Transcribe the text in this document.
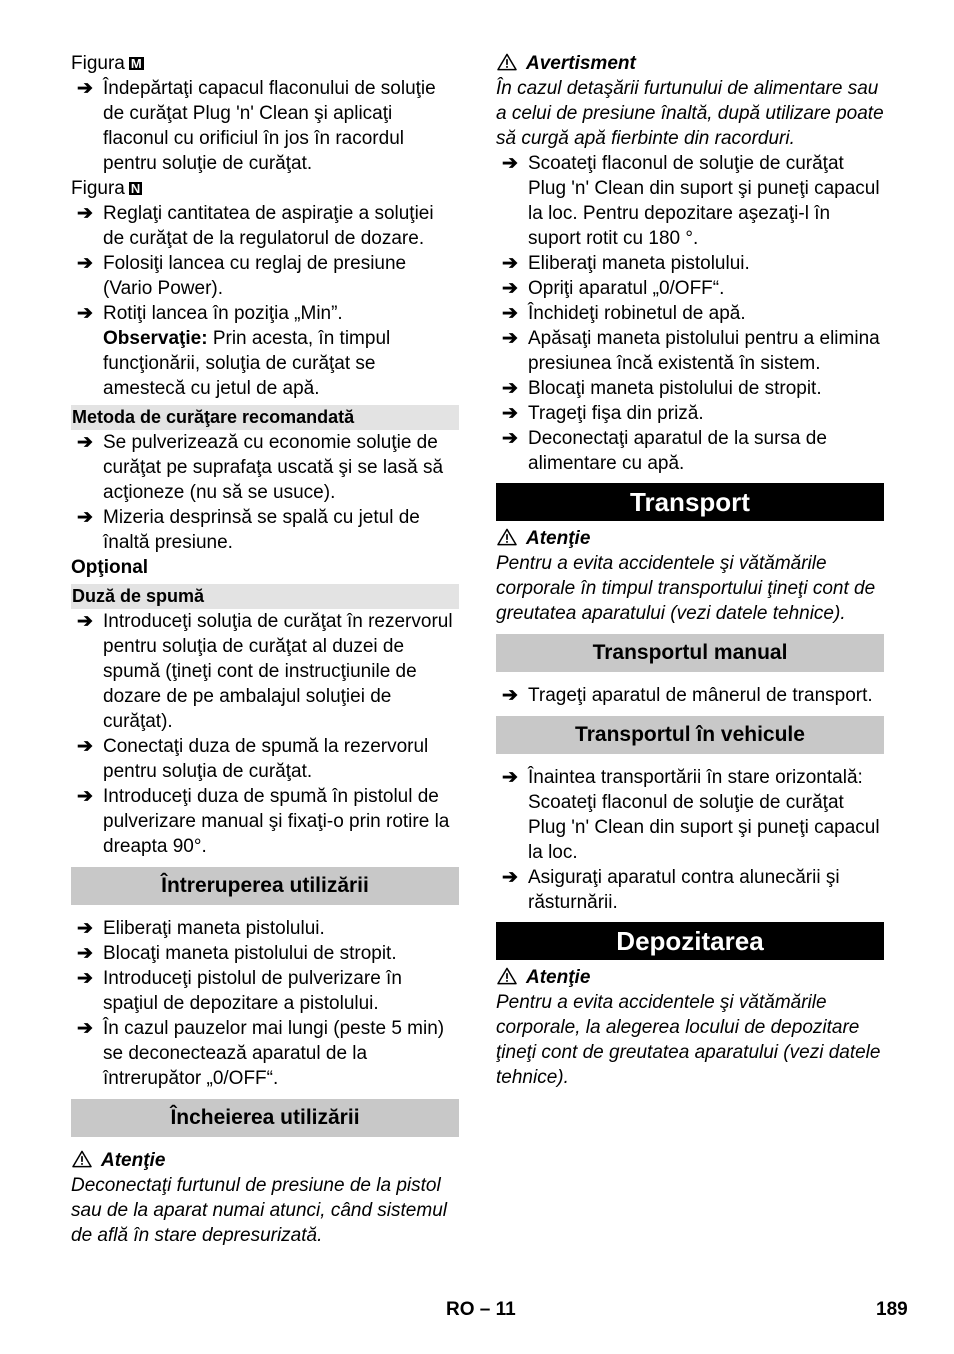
Figura M
➔ Îndepărtaţi capacul flaconului de soluţie de curăţat Plug 'n' Clean şi aplicaţi flaconul cu orificiul în jos în racordul pentru soluţie de curăţat.
Figura N
➔ Reglaţi cantitatea de aspiraţie a soluţiei de curăţat de la regulatorul de dozare.
➔ Folosiţi lancea cu reglaj de presiune (Vario Power).
➔ Rotiţi lancea în poziţia „Min”.
Observaţie: Prin acesta, în timpul funcţionării, soluţia de curăţat se amestecă cu jetul de apă.
Metoda de curăţare recomandată
➔ Se pulverizează cu economie soluţie de curăţat pe suprafaţa uscată şi se lasă să acţioneze (nu să se usuce).
➔ Mizeria desprinsă se spală cu jetul de înaltă presiune.
Opţional
Duză de spumă
➔ Introduceţi soluţia de curăţat în rezervorul pentru soluţia de curăţat al duzei de spumă (ţineţi cont de instrucţiunile de dozare de pe ambalajul soluţiei de curăţat).
➔ Conectaţi duza de spumă la rezervorul pentru soluţia de curăţat.
➔ Introduceţi duza de spumă în pistolul de pulverizare manual şi fixaţi-o prin rotire la dreapta 90°.
Întreruperea utilizării
➔ Eliberaţi maneta pistolului.
➔ Blocaţi maneta pistolului de stropit.
➔ Introduceţi pistolul de pulverizare în spaţiul de depozitare a pistolului.
➔ În cazul pauzelor mai lungi (peste 5 min) se deconectează aparatul de la întrerupător „0/OFF“.
Încheierea utilizării
Atenţie
Deconectaţi furtunul de presiune de la pistol sau de la aparat numai atunci, când sistemul de află în stare depresurizată.
Avertisment
În cazul detaşării furtunului de alimentare sau a celui de presiune înaltă, după utilizare poate să curgă apă fierbinte din racorduri.
➔ Scoateţi flaconul de soluţie de curăţat Plug 'n' Clean din suport şi puneţi capacul la loc. Pentru depozitare aşezaţi-l în suport rotit cu 180 °.
➔ Eliberaţi maneta pistolului.
➔ Opriţi aparatul „0/OFF“.
➔ Închideţi robinetul de apă.
➔ Apăsaţi maneta pistolului pentru a elimina presiunea încă existentă în sistem.
➔ Blocaţi maneta pistolului de stropit.
➔ Trageţi fişa din priză.
➔ Deconectaţi aparatul de la sursa de alimentare cu apă.
Transport
Atenţie
Pentru a evita accidentele şi vătămările corporale în timpul transportului ţineţi cont de greutatea aparatului (vezi datele tehnice).
Transportul manual
➔ Trageţi aparatul de mânerul de transport.
Transportul în vehicule
➔ Înaintea transportării în stare orizontală: Scoateţi flaconul de soluţie de curăţat Plug 'n' Clean din suport şi puneţi capacul la loc.
➔ Asiguraţi aparatul contra alunecării şi răsturnării.
Depozitarea
Atenţie
Pentru a evita accidentele şi vătămările corporale, la alegerea locului de depozitare ţineţi cont de greutatea aparatului (vezi datele tehnice).
RO – 11	189
